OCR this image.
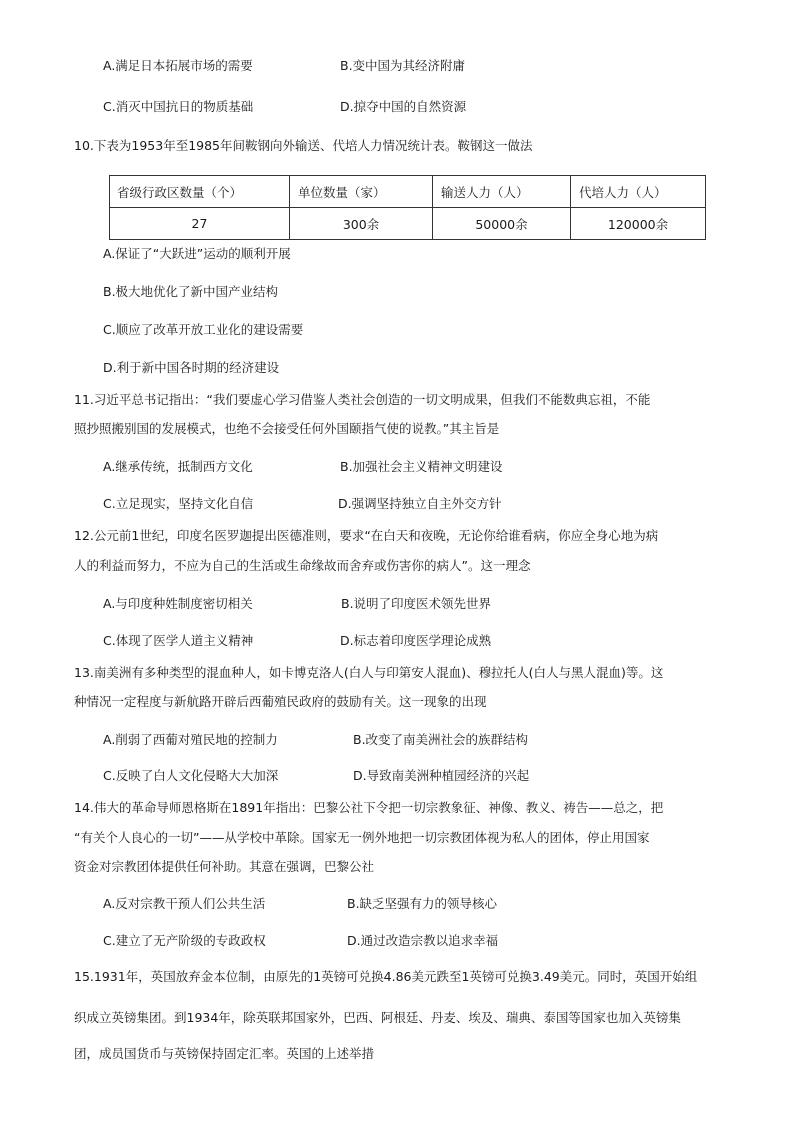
A.满足日本拓展市场的需要	B.变中国为其经济附庸
C.消灭中国抗日的物质基础	D.掠夺中国的自然资源
10.下表为1953年至1985年间鞍钢向外输送、代培人力情况统计表。鞍钢这一做法
省级行政区数量（个）	单位数量（家）	输送人力（人）	代培人力（人）
27	300余	50000余	120000余
A.保证了“大跃进”运动的顺利开展
B.极大地优化了新中国产业结构
C.顺应了改革开放工业化的建设需要
D.利于新中国各时期的经济建设
11.习近平总书记指出：“我们要虚心学习借鉴人类社会创造的一切文明成果，但我们不能数典忘祖，不能
照抄照搬别国的发展模式，也绝不会接受任何外国颐指气使的说教。”其主旨是
A.继承传统，抵制西方文化	B.加强社会主义精神文明建设
C.立足现实，坚持文化自信	D.强调坚持独立自主外交方针
12.公元前1世纪，印度名医罗迦提出医德准则，要求“在白天和夜晚，无论你给谁看病，你应全身心地为病
人的利益而努力，不应为自己的生活或生命缘故而舍弃或伤害你的病人”。这一理念
A.与印度种姓制度密切相关	B.说明了印度医术领先世界
C.体现了医学人道主义精神	D.标志着印度医学理论成熟
13.南美洲有多种类型的混血种人，如卡博克洛人(白人与印第安人混血)、穆拉托人(白人与黑人混血)等。这
种情况一定程度与新航路开辟后西葡殖民政府的鼓励有关。这一现象的出现
A.削弱了西葡对殖民地的控制力	B.改变了南美洲社会的族群结构
C.反映了白人文化侵略大大加深	D.导致南美洲种植园经济的兴起
14.伟大的革命导师恩格斯在1891年指出：巴黎公社下令把一切宗教象征、神像、教义、祷告——总之，把
“有关个人良心的一切”——从学校中革除。国家无一例外地把一切宗教团体视为私人的团体，停止用国家
资金对宗教团体提供任何补助。其意在强调，巴黎公社
A.反对宗教干预人们公共生活	B.缺乏坚强有力的领导核心
C.建立了无产阶级的专政政权	D.通过改造宗教以追求幸福
15.1931年，英国放弃金本位制，由原先的1英镑可兑换4.86美元跌至1英镑可兑换3.49美元。同时，英国开始组
织成立英镑集团。到1934年，除英联邦国家外，巴西、阿根廷、丹麦、埃及、瑞典、泰国等国家也加入英镑集
团，成员国货币与英镑保持固定汇率。英国的上述举措
